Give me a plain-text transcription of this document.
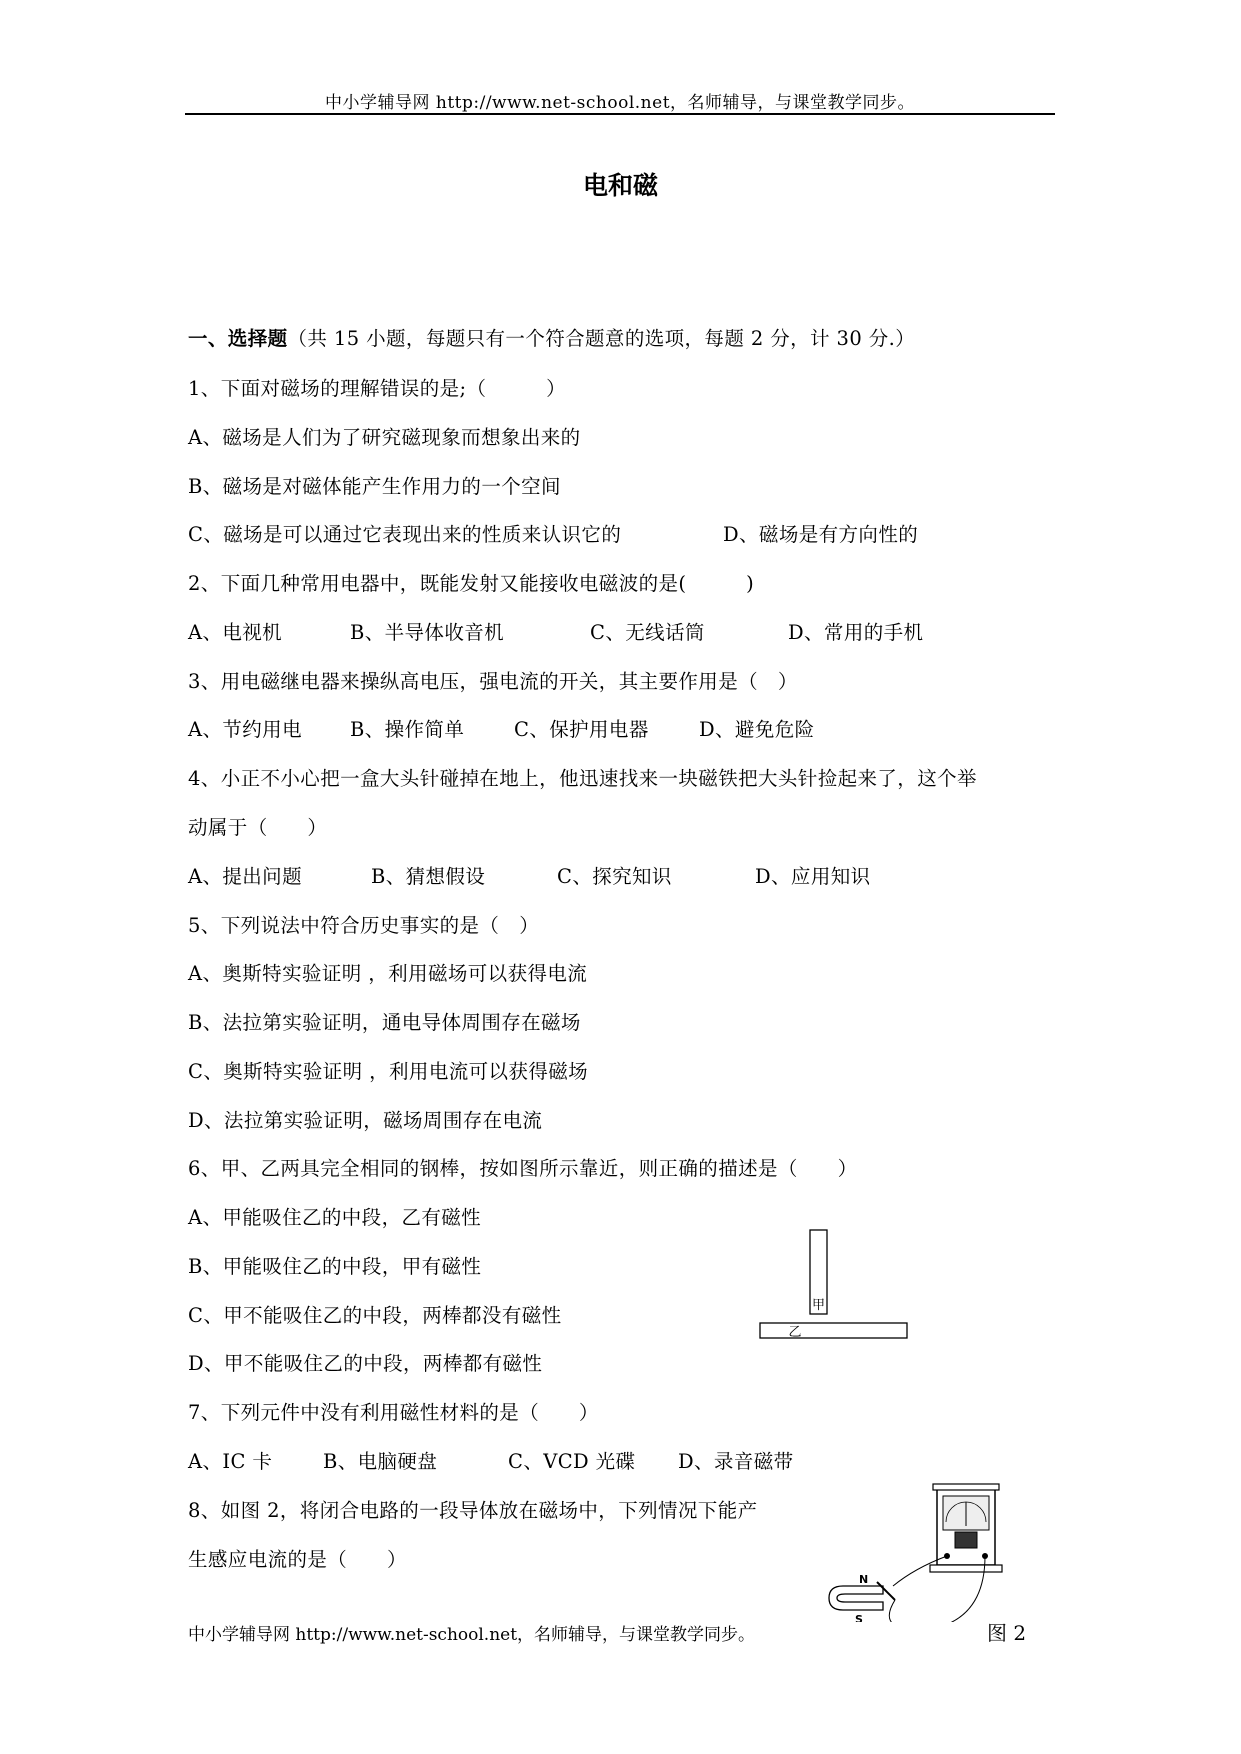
中小学辅导网 http://www.net-school.net，名师辅导，与课堂教学同步。
电和磁
一、选择题（共 15 小题，每题只有一个符合题意的选项，每题 2 分，计 30 分.）
1、下面对磁场的理解错误的是;（　　　）
A、磁场是人们为了研究磁现象而想象出来的
B、磁场是对磁体能产生作用力的一个空间
C、磁场是可以通过它表现出来的性质来认识它的	D、磁场是有方向性的
2、下面几种常用电器中，既能发射又能接收电磁波的是(　　　)
A、电视机	B、半导体收音机	C、无线话筒	D、常用的手机
3、用电磁继电器来操纵高电压，强电流的开关，其主要作用是（　）
A、节约用电 B、操作简单	C、保护用电器	D、避免危险
4、小正不小心把一盒大头针碰掉在地上，他迅速找来一块磁铁把大头针捡起来了，这个举
动属于（　　）
A、提出问题	B、猜想假设	C、探究知识	D、应用知识
5、下列说法中符合历史事实的是（　）
A、奥斯特实验证明 ，利用磁场可以获得电流
B、法拉第实验证明，通电导体周围存在磁场
C、奥斯特实验证明 ，利用电流可以获得磁场
D、法拉第实验证明，磁场周围存在电流
6、甲、乙两具完全相同的钢棒，按如图所示靠近，则正确的描述是（　　）
A、甲能吸住乙的中段，乙有磁性
B、甲能吸住乙的中段，甲有磁性
C、甲不能吸住乙的中段，两棒都没有磁性
D、甲不能吸住乙的中段，两棒都有磁性
甲
乙
7、下列元件中没有利用磁性材料的是（　　）
A、IC 卡	B、电脑硬盘	C、VCD 光碟 D、录音磁带
8、如图 2，将闭合电路的一段导体放在磁场中，下列情况下能产
生感应电流的是（　　）
N
S
中小学辅导网 http://www.net-school.net，名师辅导，与课堂教学同步。	图 2
